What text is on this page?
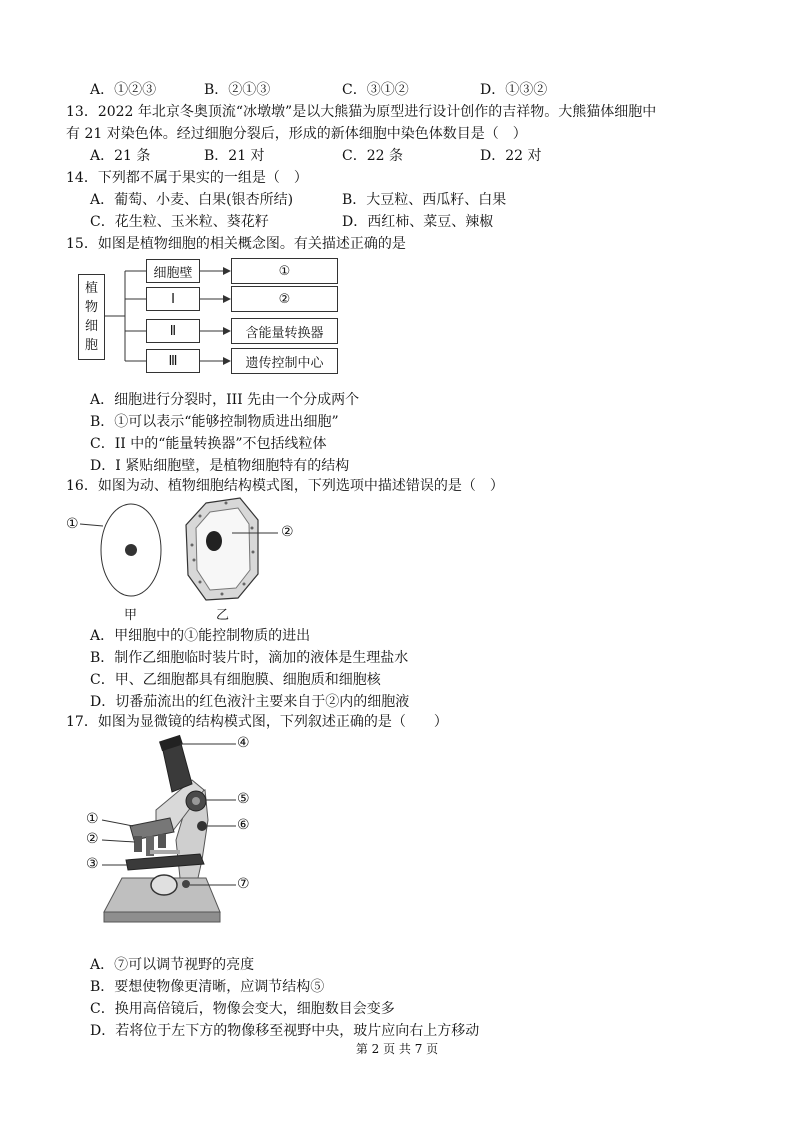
A．①②③	B．②①③	C．③①②	D．①③②
13．2022 年北京冬奥顶流“冰墩墩”是以大熊猫为原型进行设计创作的吉祥物。大熊猫体细胞中
有 21 对染色体。经过细胞分裂后，形成的新体细胞中染色体数目是（　）
A．21 条	B．21 对	C．22 条	D．22 对
14．下列都不属于果实的一组是（　）
A．葡萄、小麦、白果(银杏所结)	B．大豆粒、西瓜籽、白果
C．花生粒、玉米粒、葵花籽	D．西红柿、菜豆、辣椒
15．如图是植物细胞的相关概念图。有关描述正确的是
植
物
细
胞
细胞壁
Ⅰ
Ⅱ
Ⅲ
①
②
含能量转换器
遗传控制中心
A．细胞进行分裂时，III 先由一个分成两个
B．①可以表示“能够控制物质进出细胞”
C．II 中的“能量转换器”不包括线粒体
D．I 紧贴细胞壁，是植物细胞特有的结构
16．如图为动、植物细胞结构模式图，下列选项中描述错误的是（　）
①	②
甲	乙
A．甲细胞中的①能控制物质的进出
B．制作乙细胞临时装片时，滴加的液体是生理盐水
C．甲、乙细胞都具有细胞膜、细胞质和细胞核
D．切番茄流出的红色液汁主要来自于②内的细胞液
17．如图为显微镜的结构模式图，下列叙述正确的是（　　）
④
⑤
⑥
⑦
①
②
③
A．⑦可以调节视野的亮度
B．要想使物像更清晰，应调节结构⑤
C．换用高倍镜后，物像会变大，细胞数目会变多
D．若将位于左下方的物像移至视野中央，玻片应向右上方移动
第 2 页 共 7 页
